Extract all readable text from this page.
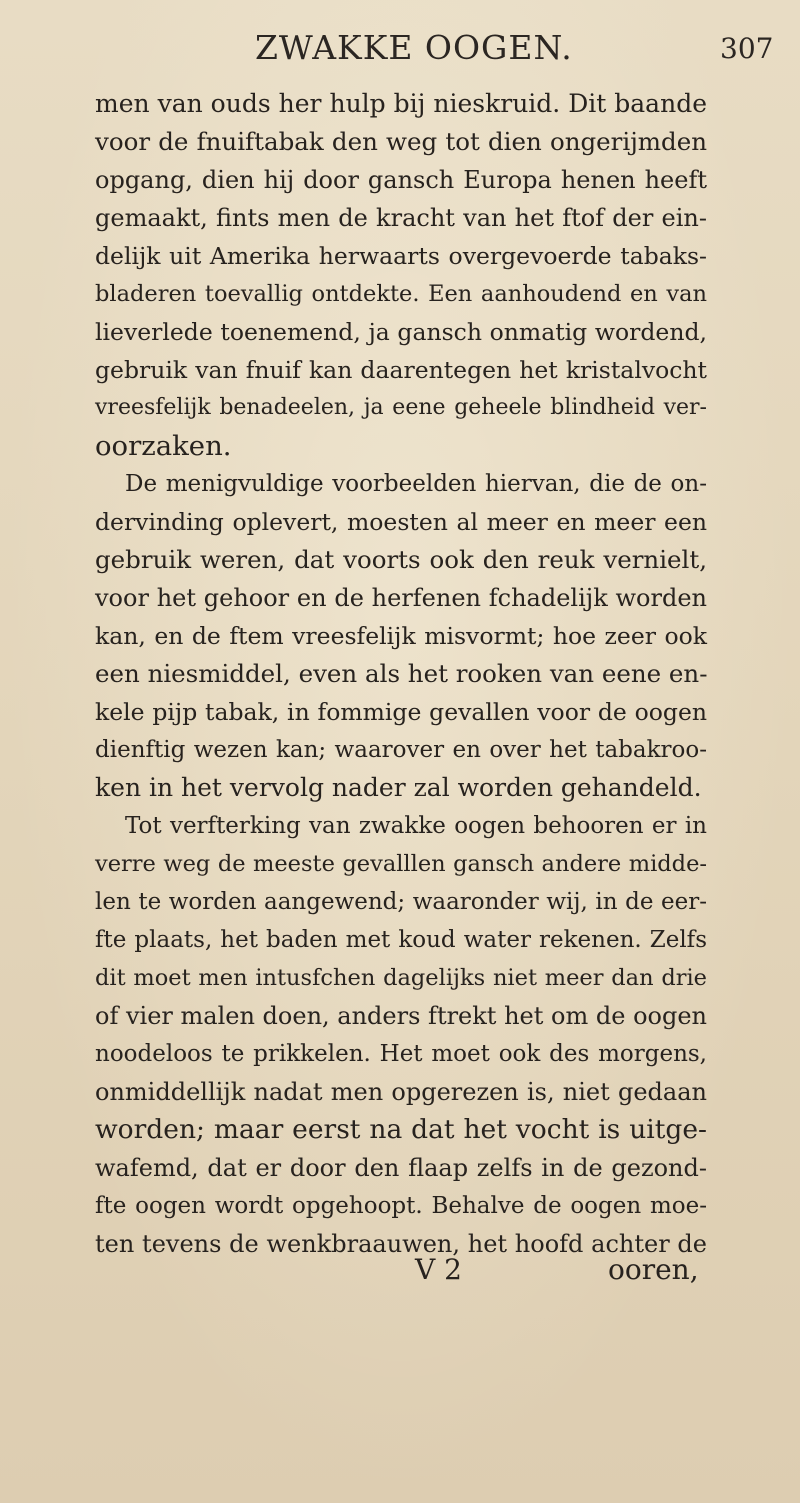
ZWAKKE OOGEN.	307
men van ouds her hulp bij nieskruid. Dit baande
voor de fnuiftabak den weg tot dien ongerijmden
opgang, dien hij door gansch Europa henen heeft
gemaakt, fints men de kracht van het ftof der ein-
delijk uit Amerika herwaarts overgevoerde tabaks-
bladeren toevallig ontdekte. Een aanhoudend en van
lieverlede toenemend, ja gansch onmatig wordend,
gebruik van fnuif kan daarentegen het kristalvocht
vreesfelijk benadeelen, ja eene geheele blindheid ver-
oorzaken.
De menigvuldige voorbeelden hiervan, die de on-
dervinding oplevert, moesten al meer en meer een
gebruik weren, dat voorts ook den reuk vernielt,
voor het gehoor en de herfenen fchadelijk worden
kan, en de ftem vreesfelijk misvormt; hoe zeer ook
een niesmiddel, even als het rooken van eene en-
kele pijp tabak, in fommige gevallen voor de oogen
dienftig wezen kan; waarover en over het tabakroo-
ken in het vervolg nader zal worden gehandeld.
Tot verfterking van zwakke oogen behooren er in
verre weg de meeste gevalllen gansch andere midde-
len te worden aangewend; waaronder wij, in de eer-
fte plaats, het baden met koud water rekenen. Zelfs
dit moet men intusfchen dagelijks niet meer dan drie
of vier malen doen, anders ftrekt het om de oogen
noodeloos te prikkelen. Het moet ook des morgens,
onmiddellijk nadat men opgerezen is, niet gedaan
worden; maar eerst na dat het vocht is uitge-
wafemd, dat er door den flaap zelfs in de gezond-
fte oogen wordt opgehoopt. Behalve de oogen moe-
ten tevens de wenkbraauwen, het hoofd achter de
V 2	ooren,
